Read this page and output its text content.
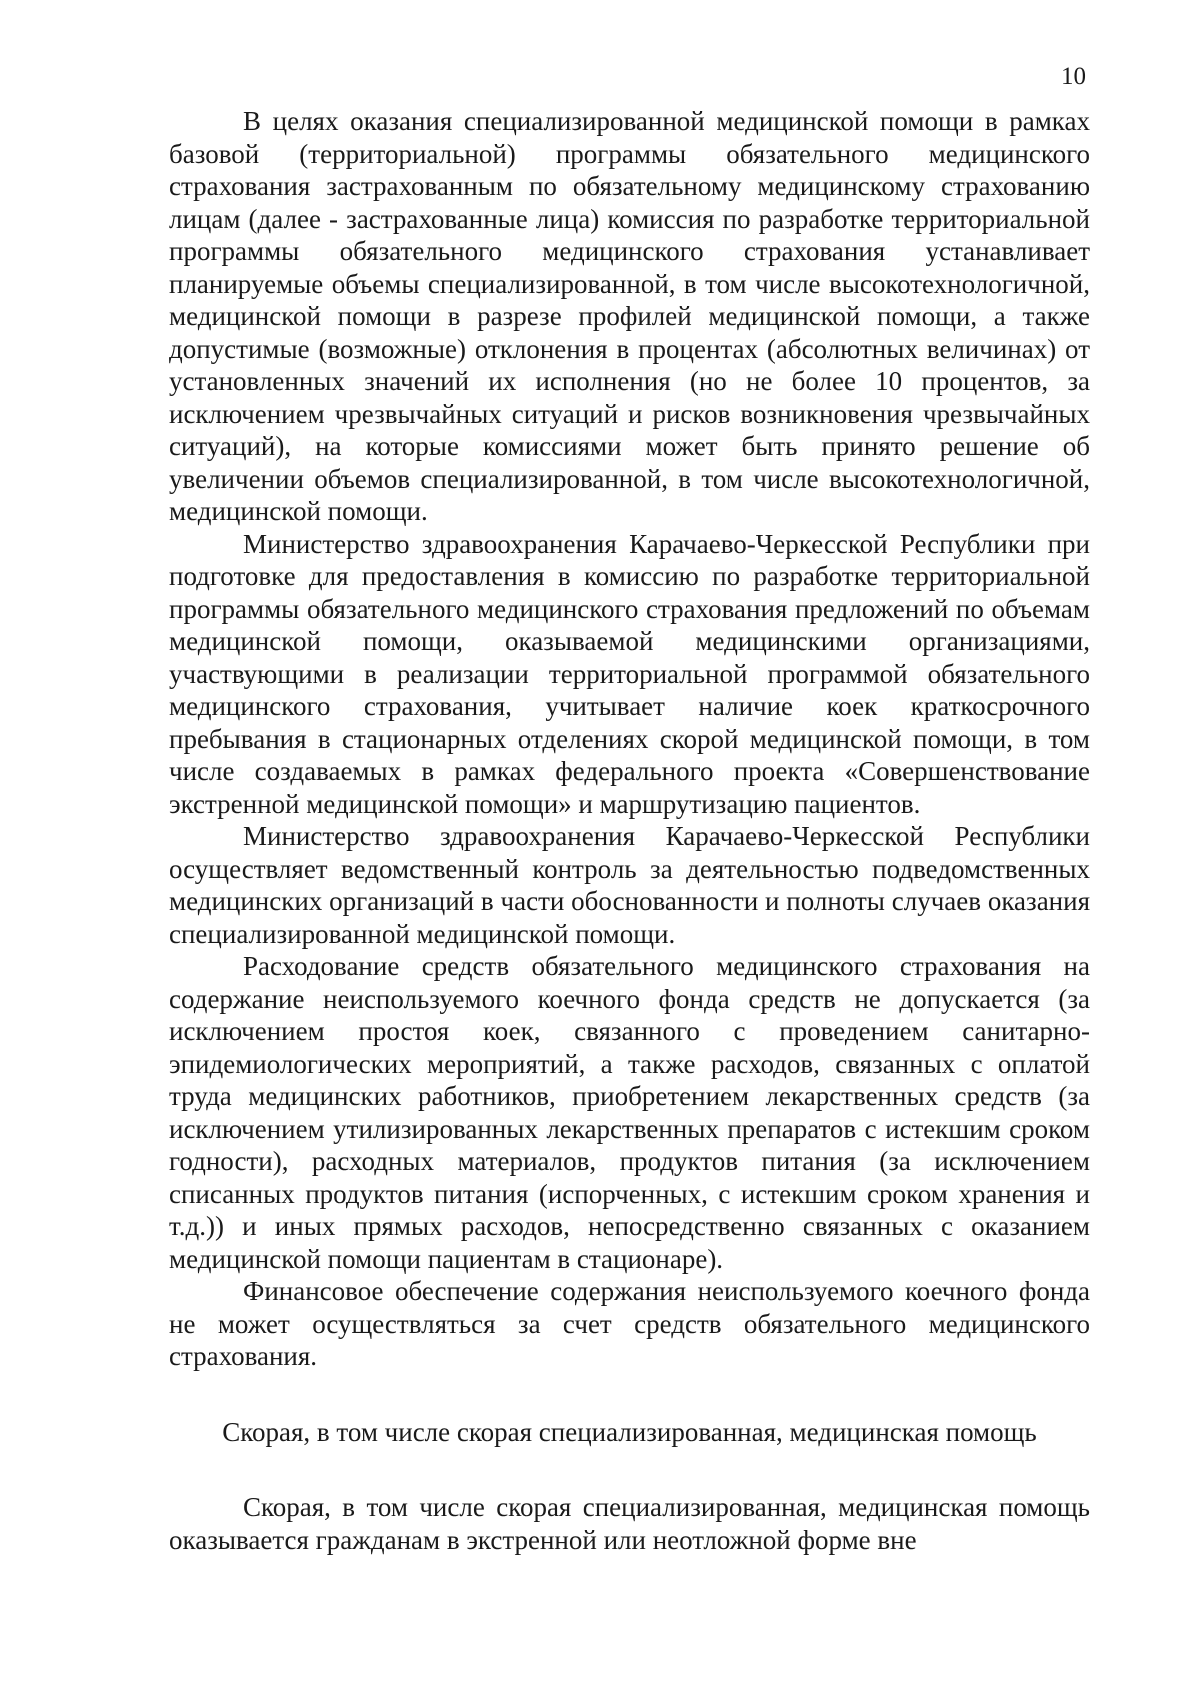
10

В целях оказания специализированной медицинской помощи в рамках базовой (территориальной) программы обязательного медицинского страхования застрахованным по обязательному медицинскому страхованию лицам (далее - застрахованные лица) комиссия по разработке территориальной программы обязательного медицинского страхования устанавливает планируемые объемы специализированной, в том числе высокотехнологичной, медицинской помощи в разрезе профилей медицинской помощи, а также допустимые (возможные) отклонения в процентах (абсолютных величинах) от установленных значений их исполнения (но не более 10 процентов, за исключением чрезвычайных ситуаций и рисков возникновения чрезвычайных ситуаций), на которые комиссиями может быть принято решение об увеличении объемов специализированной, в том числе высокотехнологичной, медицинской помощи.

Министерство здравоохранения Карачаево-Черкесской Республики при подготовке для предоставления в комиссию по разработке территориальной программы обязательного медицинского страхования предложений по объемам медицинской помощи, оказываемой медицинскими организациями, участвующими в реализации территориальной программой обязательного медицинского страхования, учитывает наличие коек краткосрочного пребывания в стационарных отделениях скорой медицинской помощи, в том числе создаваемых в рамках федерального проекта «Совершенствование экстренной медицинской помощи» и маршрутизацию пациентов.

Министерство здравоохранения Карачаево-Черкесской Республики осуществляет ведомственный контроль за деятельностью подведомственных медицинских организаций в части обоснованности и полноты случаев оказания специализированной медицинской помощи.

Расходование средств обязательного медицинского страхования на содержание неиспользуемого коечного фонда средств не допускается (за исключением простоя коек, связанного с проведением санитарно-эпидемиологических мероприятий, а также расходов, связанных с оплатой труда медицинских работников, приобретением лекарственных средств (за исключением утилизированных лекарственных препаратов с истекшим сроком годности), расходных материалов, продуктов питания (за исключением списанных продуктов питания (испорченных, с истекшим сроком хранения и т.д.)) и иных прямых расходов, непосредственно связанных с оказанием медицинской помощи пациентам в стационаре).

Финансовое обеспечение содержания неиспользуемого коечного фонда не может осуществляться за счет средств обязательного медицинского страхования.

Скорая, в том числе скорая специализированная, медицинская помощь

Скорая, в том числе скорая специализированная, медицинская помощь оказывается гражданам в экстренной или неотложной форме вне
